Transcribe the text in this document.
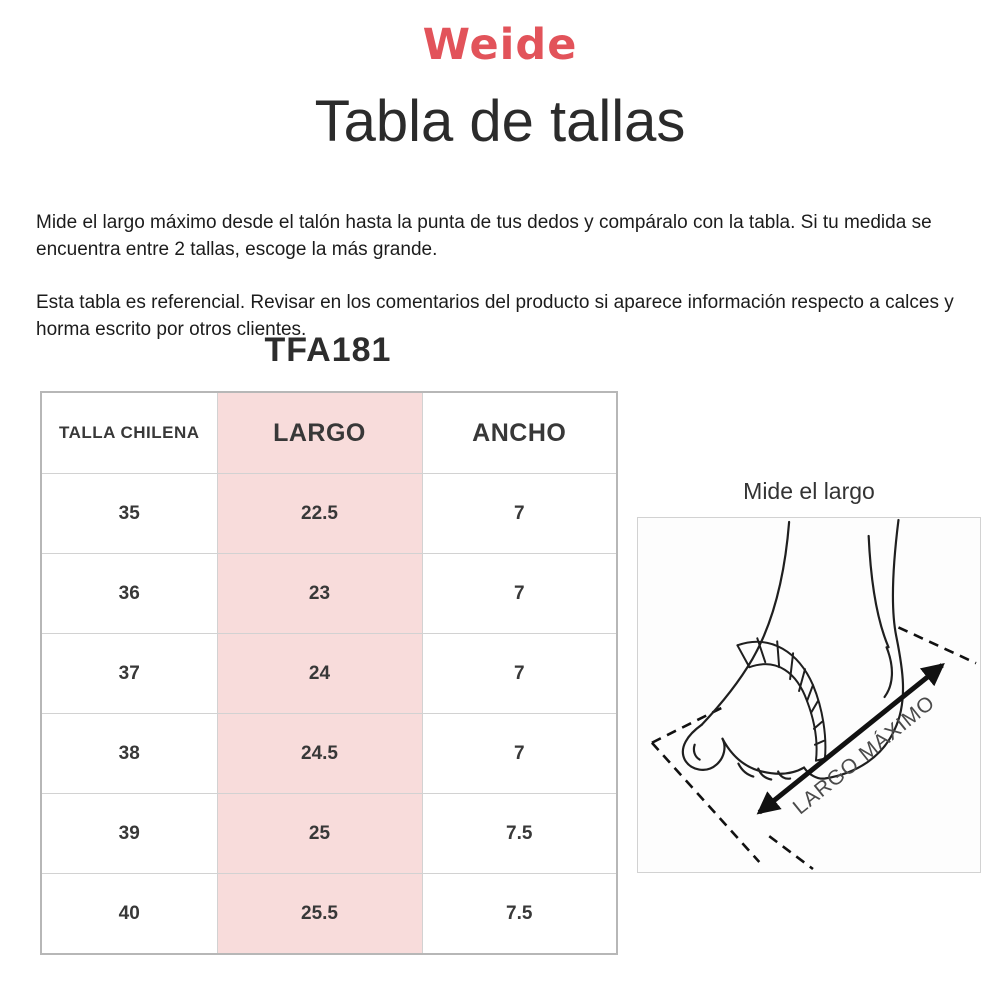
Weide
Tabla de tallas

Mide el largo máximo desde el talón hasta la punta de tus dedos y compáralo con la tabla. Si tu medida se encuentra entre 2 tallas, escoge la más grande.

Esta tabla es referencial. Revisar en los comentarios del producto si aparece información respecto a calces y horma escrito por otros clientes.

TFA181
TALLA CHILENA	LARGO	ANCHO
35	22.5	7
36	23	7
37	24	7
38	24.5	7
39	25	7.5
40	25.5	7.5
Mide el largo
LARGO MÁXIMO
